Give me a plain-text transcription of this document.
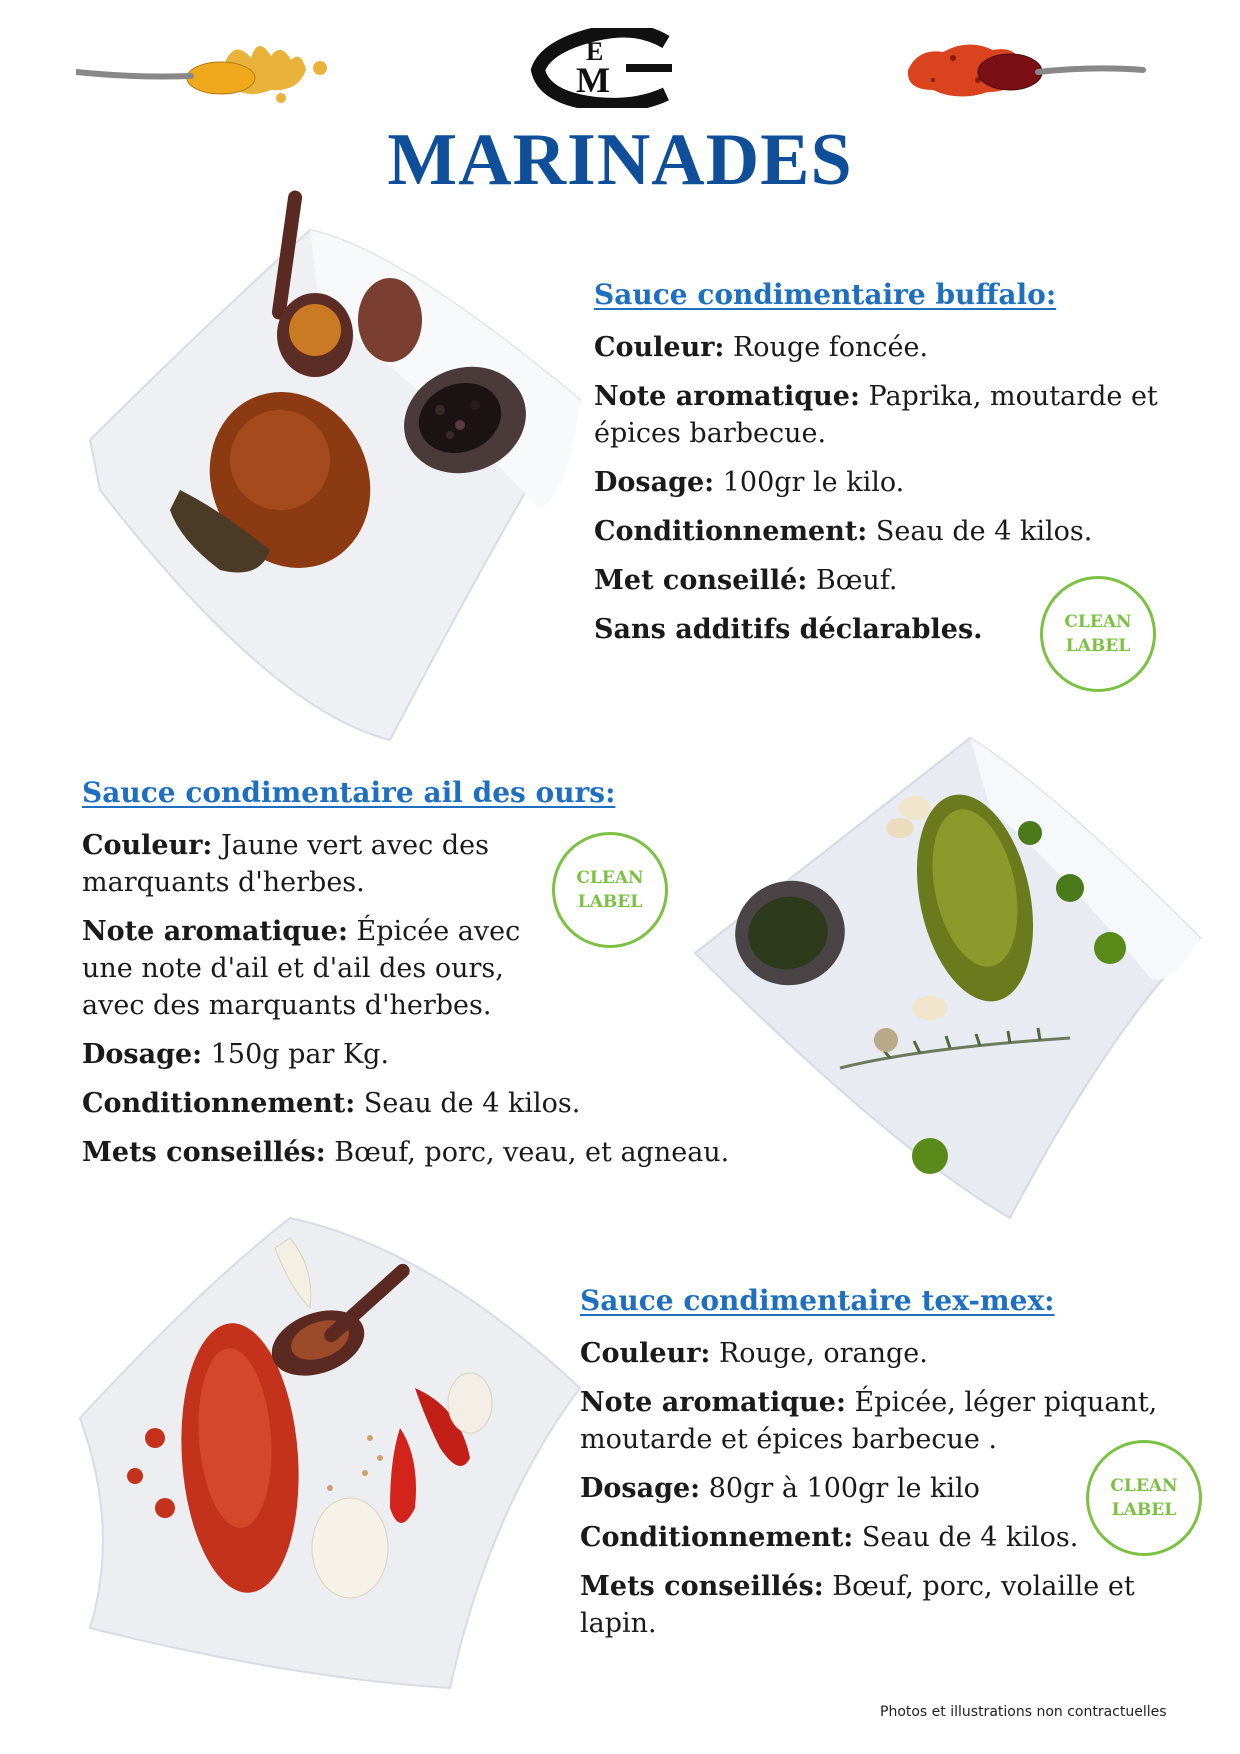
E
M
MARINADES
Sauce condimentaire buffalo:
Couleur: Rouge foncée.
Note aromatique: Paprika, moutarde et épices barbecue.
Dosage: 100gr le kilo.
Conditionnement: Seau de 4 kilos.
Met conseillé: Bœuf.
Sans additifs déclarables.	CLEAN
LABEL
Sauce condimentaire ail des ours:
Couleur: Jaune vert avec des marquants d'herbes.
Note aromatique: Épicée avec une note d'ail et d'ail des ours, avec des marquants d'herbes.
Dosage: 150g par Kg.
Conditionnement: Seau de 4 kilos.
Mets conseillés: Bœuf, porc, veau, et agneau.
CLEAN
LABEL
Sauce condimentaire tex-mex:
Couleur: Rouge, orange.
Note aromatique: Épicée, léger piquant, moutarde et épices barbecue .
Dosage: 80gr à 100gr le kilo
Conditionnement: Seau de 4 kilos.
Mets conseillés: Bœuf, porc, volaille et lapin.
CLEAN
LABEL
Photos et illustrations non contractuelles
